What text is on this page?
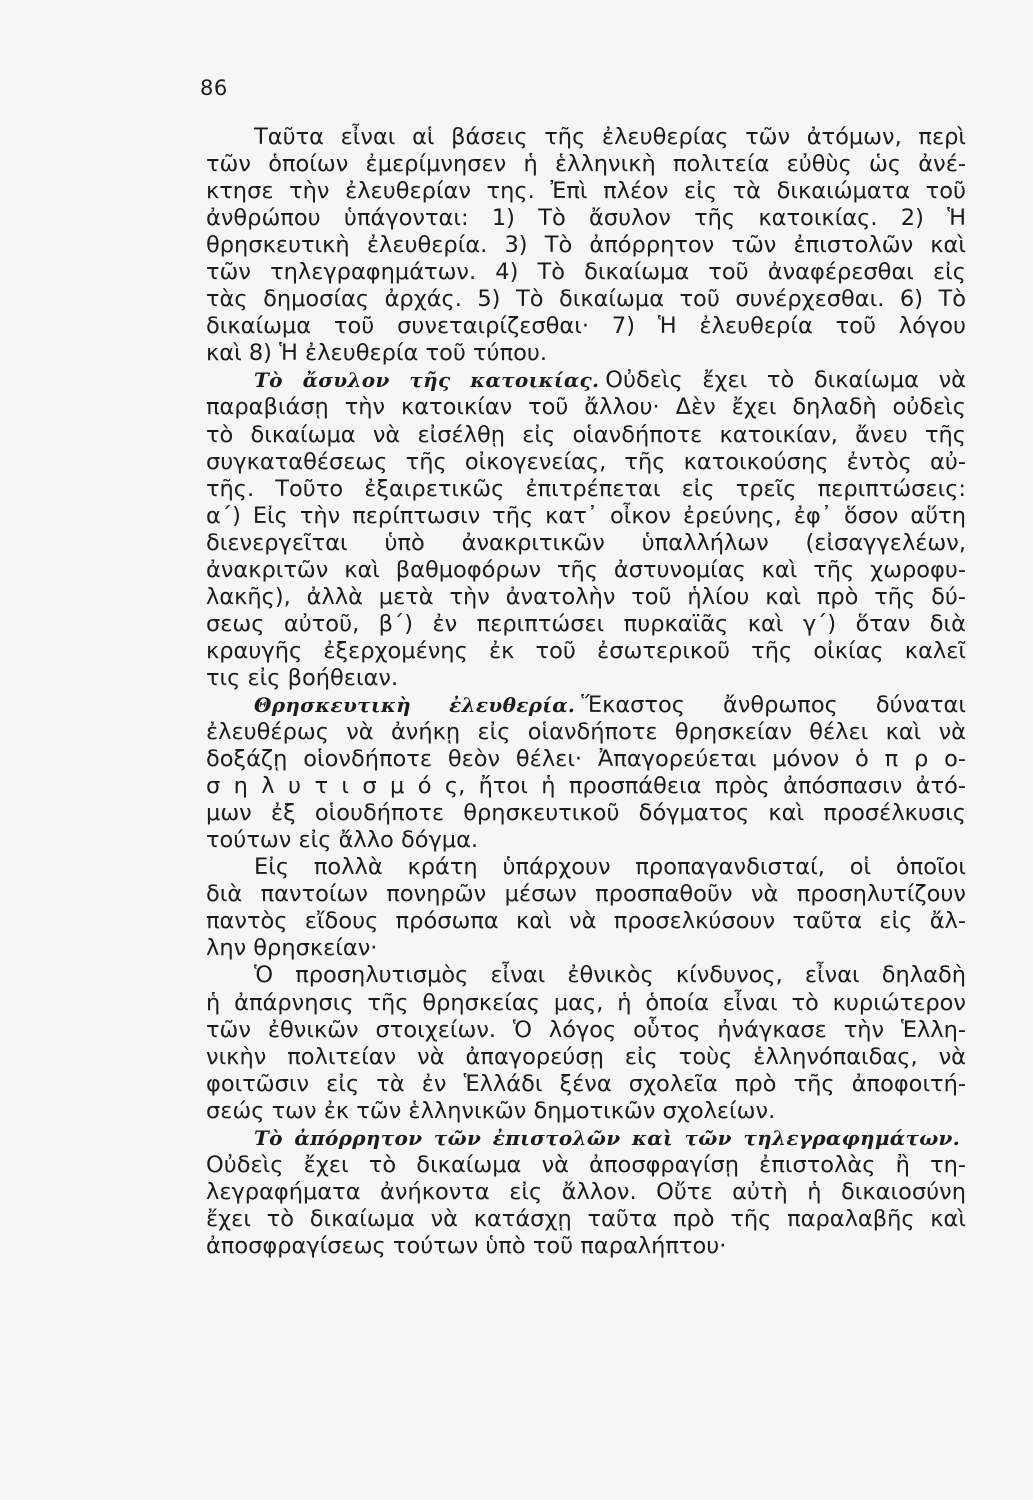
86
Ταῦτα εἶναι αἱ βάσεις τῆς ἐλευθερίας τῶν ἀτόμων, περὶ
τῶν ὁποίων ἐμερίμνησεν ἡ ἑλληνικὴ πολιτεία εὐθὺς ὡς ἀνέ-
κτησε τὴν ἐλευθερίαν της. Ἐπὶ πλέον εἰς τὰ δικαιώματα τοῦ
ἀνθρώπου ὑπάγονται: 1) Τὸ ἄσυλον τῆς κατοικίας. 2) Ἡ
θρησκευτικὴ ἐλευθερία. 3) Τὸ ἀπόρρητον τῶν ἐπιστολῶν καὶ
τῶν τηλεγραφημάτων. 4) Τὸ δικαίωμα τοῦ ἀναφέρεσθαι εἰς
τὰς δημοσίας ἀρχάς. 5) Τὸ δικαίωμα τοῦ συνέρχεσθαι. 6) Τὸ
δικαίωμα τοῦ συνεταιρίζεσθαι· 7) Ἡ ἐλευθερία τοῦ λόγου
καὶ 8) Ἡ ἐλευθερία τοῦ τύπου.
Τὸ ἄσυλον τῆς κατοικίας. Οὐδεὶς ἔχει τὸ δικαίωμα νὰ
παραβιάσῃ τὴν κατοικίαν τοῦ ἄλλου· Δὲν ἔχει δηλαδὴ οὐδεὶς
τὸ δικαίωμα νὰ εἰσέλθῃ εἰς οἱανδήποτε κατοικίαν, ἄνευ τῆς
συγκαταθέσεως τῆς οἰκογενείας, τῆς κατοικούσης ἐντὸς αὐ-
τῆς. Τοῦτο ἐξαιρετικῶς ἐπιτρέπεται εἰς τρεῖς περιπτώσεις:
α΄) Εἰς τὴν περίπτωσιν τῆς κατ᾽ οἶκον ἐρεύνης, ἐφ᾽ ὅσον αὕτη
διενεργεῖται ὑπὸ ἀνακριτικῶν ὑπαλλήλων (εἰσαγγελέων,
ἀνακριτῶν καὶ βαθμοφόρων τῆς ἀστυνομίας καὶ τῆς χωροφυ-
λακῆς), ἀλλὰ μετὰ τὴν ἀνατολὴν τοῦ ἡλίου καὶ πρὸ τῆς δύ-
σεως αὐτοῦ, β΄) ἐν περιπτώσει πυρκαϊᾶς καὶ γ΄) ὅταν διὰ
κραυγῆς ἐξερχομένης ἐκ τοῦ ἐσωτερικοῦ τῆς οἰκίας καλεῖ
τις εἰς βοήθειαν.
Θρησκευτικὴ ἐλευθερία. Ἕκαστος ἄνθρωπος δύναται
ἐλευθέρως νὰ ἀνήκῃ εἰς οἱανδήποτε θρησκείαν θέλει καὶ νὰ
δοξάζῃ οἱονδήποτε θεὸν θέλει· Ἀπαγορεύεται μόνον ὁ π ρ ο-
σ η λ υ τ ι σ μ ό ς, ἤτοι ἡ προσπάθεια πρὸς ἀπόσπασιν ἀτό-
μων ἐξ οἱουδήποτε θρησκευτικοῦ δόγματος καὶ προσέλκυσις
τούτων εἰς ἄλλο δόγμα.
Εἰς πολλὰ κράτη ὑπάρχουν προπαγανδισταί, οἱ ὁποῖοι
διὰ παντοίων πονηρῶν μέσων προσπαθοῦν νὰ προσηλυτίζουν
παντὸς εἴδους πρόσωπα καὶ νὰ προσελκύσουν ταῦτα εἰς ἄλ-
λην θρησκείαν·
Ὁ προσηλυτισμὸς εἶναι ἐθνικὸς κίνδυνος, εἶναι δηλαδὴ
ἡ ἀπάρνησις τῆς θρησκείας μας, ἡ ὁποία εἶναι τὸ κυριώτερον
τῶν ἐθνικῶν στοιχείων. Ὁ λόγος οὗτος ἠνάγκασε τὴν Ἑλλη-
νικὴν πολιτείαν νὰ ἀπαγορεύσῃ εἰς τοὺς ἑλληνόπαιδας, νὰ
φοιτῶσιν εἰς τὰ ἐν Ἑλλάδι ξένα σχολεῖα πρὸ τῆς ἀποφοιτή-
σεώς των ἐκ τῶν ἑλληνικῶν δημοτικῶν σχολείων.
Τὸ ἀπόρρητον τῶν ἐπιστολῶν καὶ τῶν τηλεγραφημάτων.
Οὐδεὶς ἔχει τὸ δικαίωμα νὰ ἀποσφραγίσῃ ἐπιστολὰς ἢ τη-
λεγραφήματα ἀνήκοντα εἰς ἄλλον. Οὔτε αὐτὴ ἡ δικαιοσύνη
ἔχει τὸ δικαίωμα νὰ κατάσχῃ ταῦτα πρὸ τῆς παραλαβῆς καὶ
ἀποσφραγίσεως τούτων ὑπὸ τοῦ παραλήπτου·
